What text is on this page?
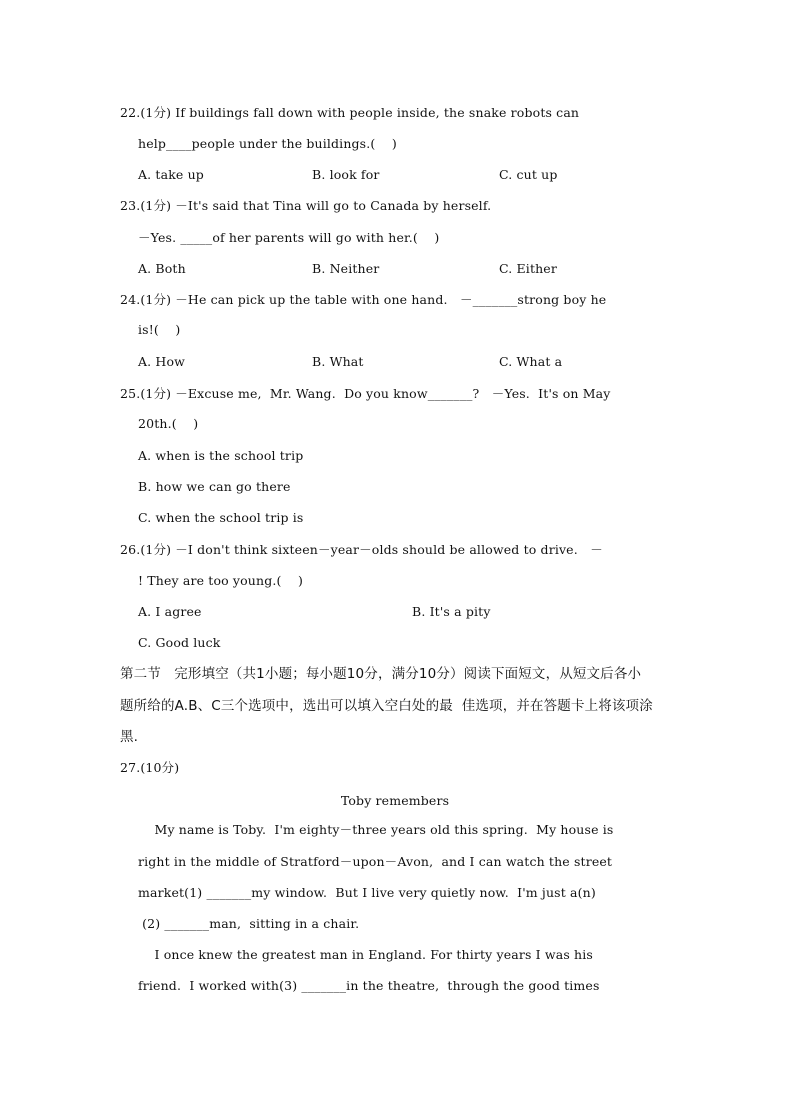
22.(1分) If buildings fall down with people inside, the snake robots can
help____people under the buildings.(    )
A. take up	B. look for	C. cut up
23.(1分) －It's said that Tina will go to Canada by herself.
－Yes. _____of her parents will go with her.(    )
A. Both	B. Neither	C. Either
24.(1分) －He can pick up the table with one hand.   －_______strong boy he
is!(    )
A. How	B. What	C. What a
25.(1分) －Excuse me,  Mr. Wang.  Do you know_______?   －Yes.  It's on May
20th.(    )
A. when is the school trip
B. how we can go there
C. when the school trip is
26.(1分) －I don't think sixteen－year－olds should be allowed to drive.   －
! They are too young.(    )
A. I agree	B. It's a pity
C. Good luck
第二节   完形填空（共1小题；每小题10分，满分10分）阅读下面短文，从短文后各小
题所给的A.B、C三个选项中，选出可以填入空白处的最  佳选项，并在答题卡上将该项涂
黑.
27.(10分)
Toby remembers
My name is Toby.  I'm eighty－three years old this spring.  My house is
right in the middle of Stratford－upon－Avon,  and I can watch the street
market(1) _______my window.  But I live very quietly now.  I'm just a(n)
(2) _______man,  sitting in a chair.
I once knew the greatest man in England. For thirty years I was his
friend.  I worked with(3) _______in the theatre,  through the good times
